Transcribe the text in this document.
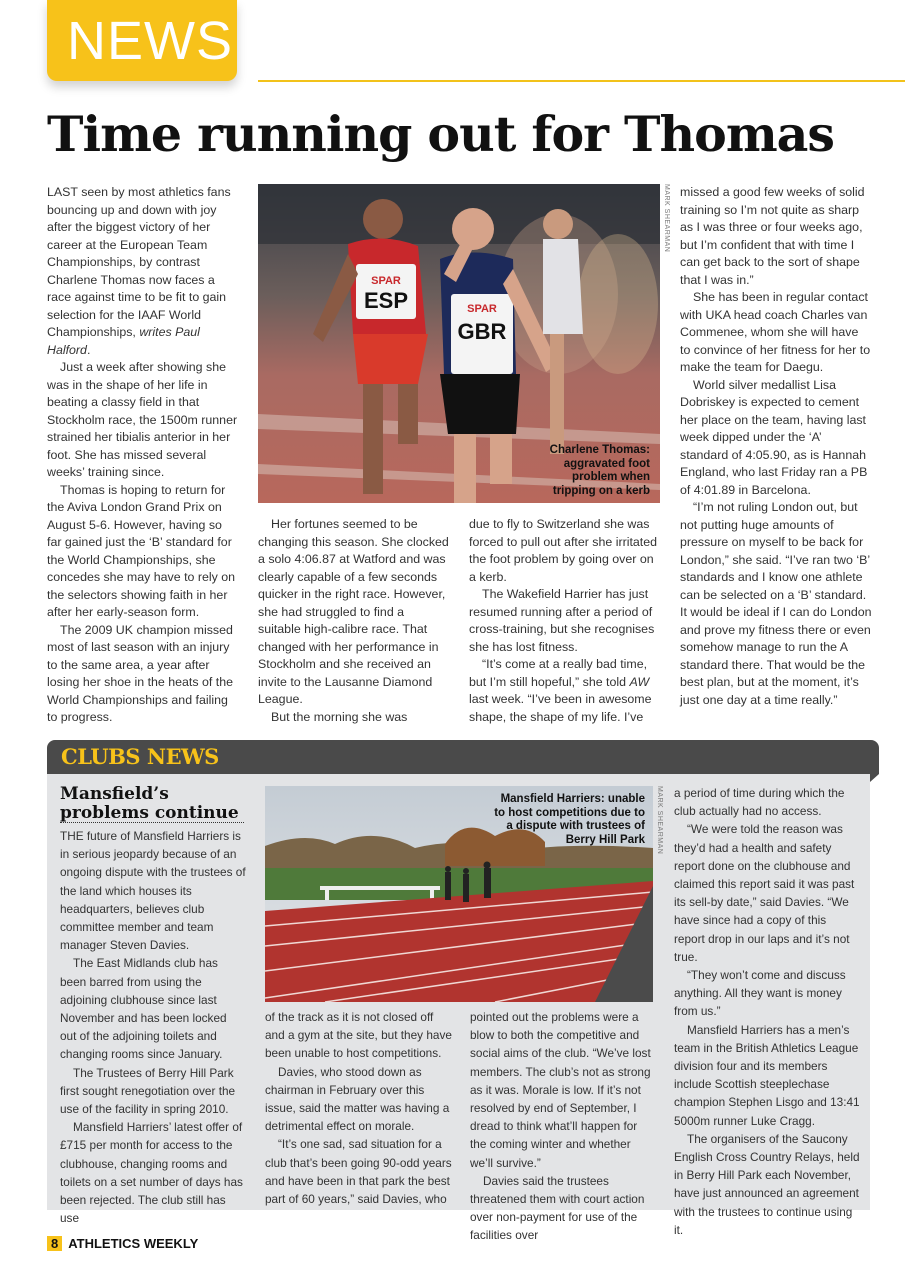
NEWS
Time running out for Thomas

LAST seen by most athletics fans bouncing up and down with joy after the biggest victory of her career at the European Team Championships, by contrast Charlene Thomas now faces a race against time to be fit to gain selection for the IAAF World Championships, writes Paul Halford.

Just a week after showing she was in the shape of her life in beating a classy field in that Stockholm race, the 1500m runner strained her tibialis anterior in her foot. She has missed several weeks’ training since.

Thomas is hoping to return for the Aviva London Grand Prix on August 5-6. However, having so far gained just the ‘B’ standard for the World Championships, she concedes she may have to rely on the selectors showing faith in her after her early-season form.

The 2009 UK champion missed most of last season with an injury to the same area, a year after losing her shoe in the heats of the World Championships and failing to progress.

SPAR
ESP	SPAR
GBR
MARK SHEARMAN
Charlene Thomas:
aggravated foot
problem when
tripping on a kerb

Her fortunes seemed to be changing this season. She clocked a solo 4:06.87 at Watford and was clearly capable of a few seconds quicker in the right race. However, she had struggled to find a suitable high-calibre race. That changed with her performance in Stockholm and she received an invite to the Lausanne Diamond League.

But the morning she was

due to fly to Switzerland she was forced to pull out after she irritated the foot problem by going over on a kerb.

The Wakefield Harrier has just resumed running after a period of cross-training, but she recognises she has lost fitness.

“It’s come at a really bad time, but I’m still hopeful,” she told AW last week. “I’ve been in awesome shape, the shape of my life. I’ve

missed a good few weeks of solid training so I’m not quite as sharp as I was three or four weeks ago, but I’m confident that with time I can get back to the sort of shape that I was in.”

She has been in regular contact with UKA head coach Charles van Commenee, whom she will have to convince of her fitness for her to make the team for Daegu.

World silver medallist Lisa Dobriskey is expected to cement her place on the team, having last week dipped under the ‘A’ standard of 4:05.90, as is Hannah England, who last Friday ran a PB of 4:01.89 in Barcelona.

“I’m not ruling London out, but not putting huge amounts of pressure on myself to be back for London,” she said. “I’ve ran two ‘B’ standards and I know one athlete can be selected on a ‘B’ standard. It would be ideal if I can do London and prove my fitness there or even somehow manage to run the A standard there. That would be the best plan, but at the moment, it’s just one day at a time really.”

CLUBS NEWS
Mansfield’s
problems continue

THE future of Mansfield Harriers is in serious jeopardy because of an ongoing dispute with the trustees of the land which houses its headquarters, believes club committee member and team manager Steven Davies.

The East Midlands club has been barred from using the adjoining clubhouse since last November and has been locked out of the adjoining toilets and changing rooms since January.

The Trustees of Berry Hill Park first sought renegotiation over the use of the facility in spring 2010.

Mansfield Harriers’ latest offer of £715 per month for access to the clubhouse, changing rooms and toilets on a set number of days has been rejected. The club still has use

MARK SHEARMAN
Mansfield Harriers: unable
to host competitions due to
a dispute with trustees of
Berry Hill Park

of the track as it is not closed off and a gym at the site, but they have been unable to host competitions.

Davies, who stood down as chairman in February over this issue, said the matter was having a detrimental effect on morale.

“It’s one sad, sad situation for a club that’s been going 90-odd years and have been in that park the best part of 60 years,” said Davies, who

pointed out the problems were a blow to both the competitive and social aims of the club. “We’ve lost members. The club’s not as strong as it was. Morale is low. If it’s not resolved by end of September, I dread to think what’ll happen for the coming winter and whether we’ll survive.”

Davies said the trustees threatened them with court action over non-payment for use of the facilities over

a period of time during which the club actually had no access.

“We were told the reason was they’d had a health and safety report done on the clubhouse and claimed this report said it was past its sell-by date,” said Davies. “We have since had a copy of this report drop in our laps and it’s not true.

“They won’t come and discuss anything. All they want is money from us.”

Mansfield Harriers has a men’s team in the British Athletics League division four and its members include Scottish steeplechase champion Stephen Lisgo and 13:41 5000m runner Luke Cragg.

The organisers of the Saucony English Cross Country Relays, held in Berry Hill Park each November, have just announced an agreement with the trustees to continue using it.

8 ATHLETICS WEEKLY
